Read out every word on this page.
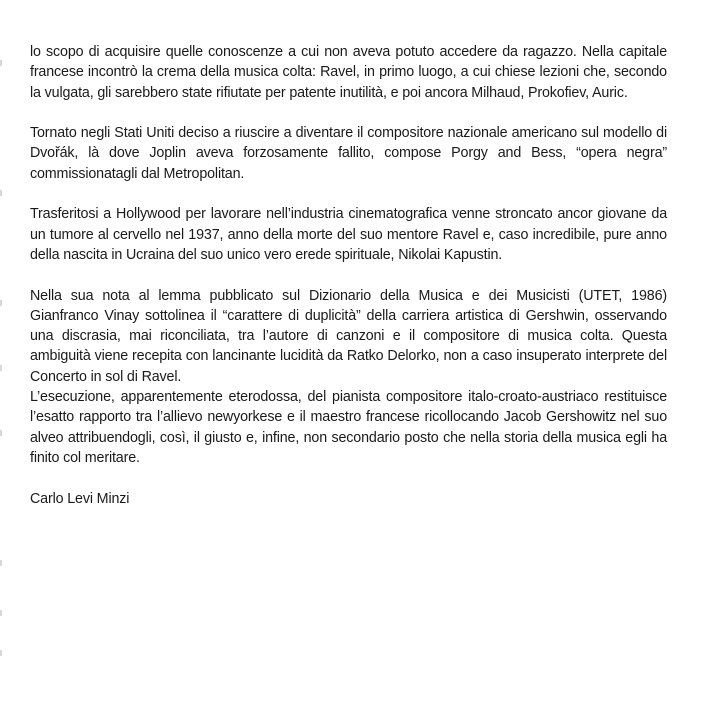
lo scopo di acquisire quelle conoscenze a cui non aveva potuto accedere da ragazzo. Nella capitale francese incontrò la crema della musica colta: Ravel, in primo luogo, a cui chiese lezioni che, secondo la vulgata, gli sarebbero state rifiutate per patente inutilità, e poi ancora Milhaud, Prokofiev, Auric.

Tornato negli Stati Uniti deciso a riuscire a diventare il compositore nazionale americano sul modello di Dvořák, là dove Joplin aveva forzosamente fallito, compose Porgy and Bess, “opera negra” commissionatagli dal Metropolitan.

Trasferitosi a Hollywood per lavorare nell’industria cinematografica venne stroncato ancor giovane da un tumore al cervello nel 1937, anno della morte del suo mentore Ravel e, caso incredibile, pure anno della nascita in Ucraina del suo unico vero erede spirituale, Nikolai Kapustin.

Nella sua nota al lemma pubblicato sul Dizionario della Musica e dei Musicisti (UTET, 1986) Gianfranco Vinay sottolinea il “carattere di duplicità” della carriera artistica di Gershwin, osservando una discrasia, mai riconciliata, tra l’autore di canzoni e il compositore di musica colta. Questa ambiguità viene recepita con lancinante lucidità da Ratko Delorko, non a caso insuperato interprete del Concerto in sol di Ravel.

L’esecuzione, apparentemente eterodossa, del pianista compositore italo-croato-austriaco restituisce l’esatto rapporto tra l’allievo newyorkese e il maestro francese ricollocando Jacob Gershowitz nel suo alveo attribuendogli, così, il giusto e, infine, non secondario posto che nella storia della musica egli ha finito col meritare.

Carlo Levi Minzi
